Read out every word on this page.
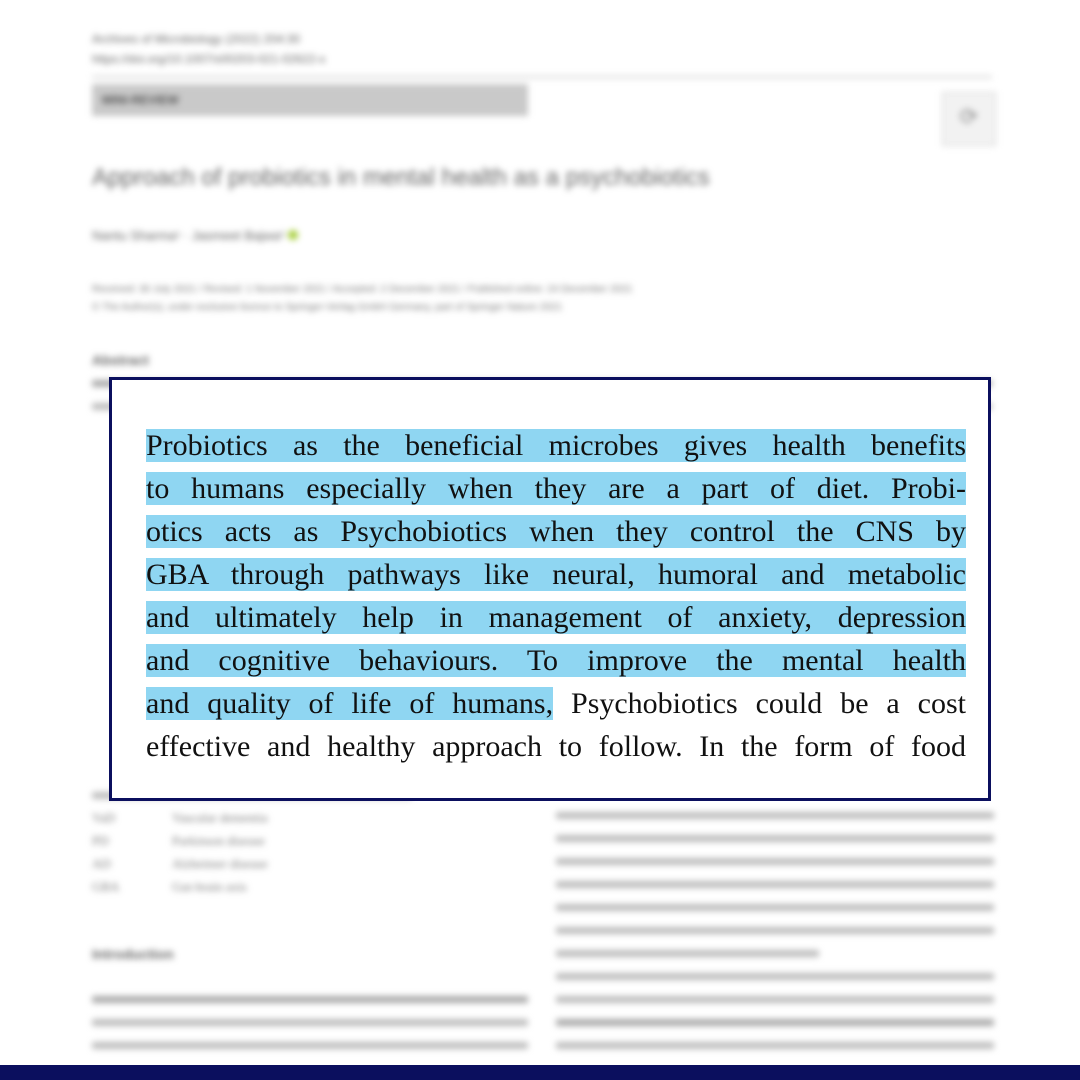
Archives of Microbiology (2022) 204:30
https://doi.org/10.1007/s00203-021-02622-x
MINI-REVIEW
⟳
Approach of probiotics in mental health as a psychobiotics
Nantu Sharma¹ · Jasmeet Bajwa²
Received: 30 July 2021 / Revised: 1 November 2021 / Accepted: 2 December 2021 / Published online: 24 December 2021
© The Author(s), under exclusive licence to Springer-Verlag GmbH Germany, part of Springer Nature 2021
Abstract
VaD	Vascular dementia
PD	Parkinson disease
AD	Alzheimer disease
GBA	Gut-brain axis
Introduction

Probiotics as the beneficial microbes gives health benefits
to humans especially when they are a part of diet. Probi-
otics acts as Psychobiotics when they control the CNS by
GBA through pathways like neural, humoral and metabolic
and ultimately help in management of anxiety, depression
and cognitive behaviours. To improve the mental health
and quality of life of humans, Psychobiotics could be a cost
effective and healthy approach to follow. In the form of food
